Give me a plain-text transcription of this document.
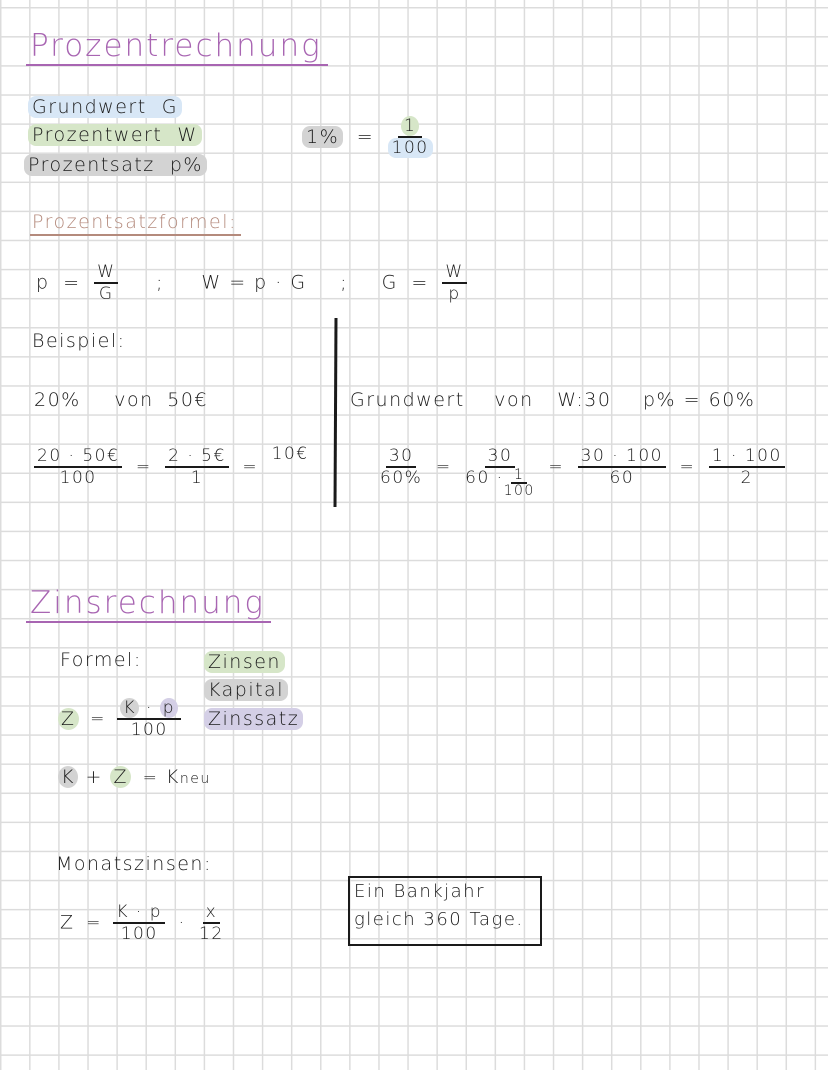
Prozentrechnung
Grundwert G
Prozentwert W
Prozentsatz p%
$1\% = \frac{1}{100}$
Prozentsatzformel:
$p = \frac{W}{G}$ ; W = p · G ; $G = \frac{W}{p}$
Beispiel:
20% von 50€
$\frac{20 \cdot 50€}{100} = \frac{2 \cdot 5€}{1}$ = 10€
Grundwert von W:30 p% = 60%
$\frac{30}{60\%} = \frac{30}{60 \cdot \frac{1}{100}} = \frac{30 \cdot 100}{60} = \frac{1 \cdot 100}{2}$
Zinsrechnung
Formel:	Zinsen
Kapital
Zinssatz
$Z = \frac{K \cdot p}{100}$
K + Z = Kneu
Monatszinsen:
$Z = \frac{K \cdot p}{100} \cdot \frac{x}{12}$
Ein Bankjahr
gleich 360 Tage.
